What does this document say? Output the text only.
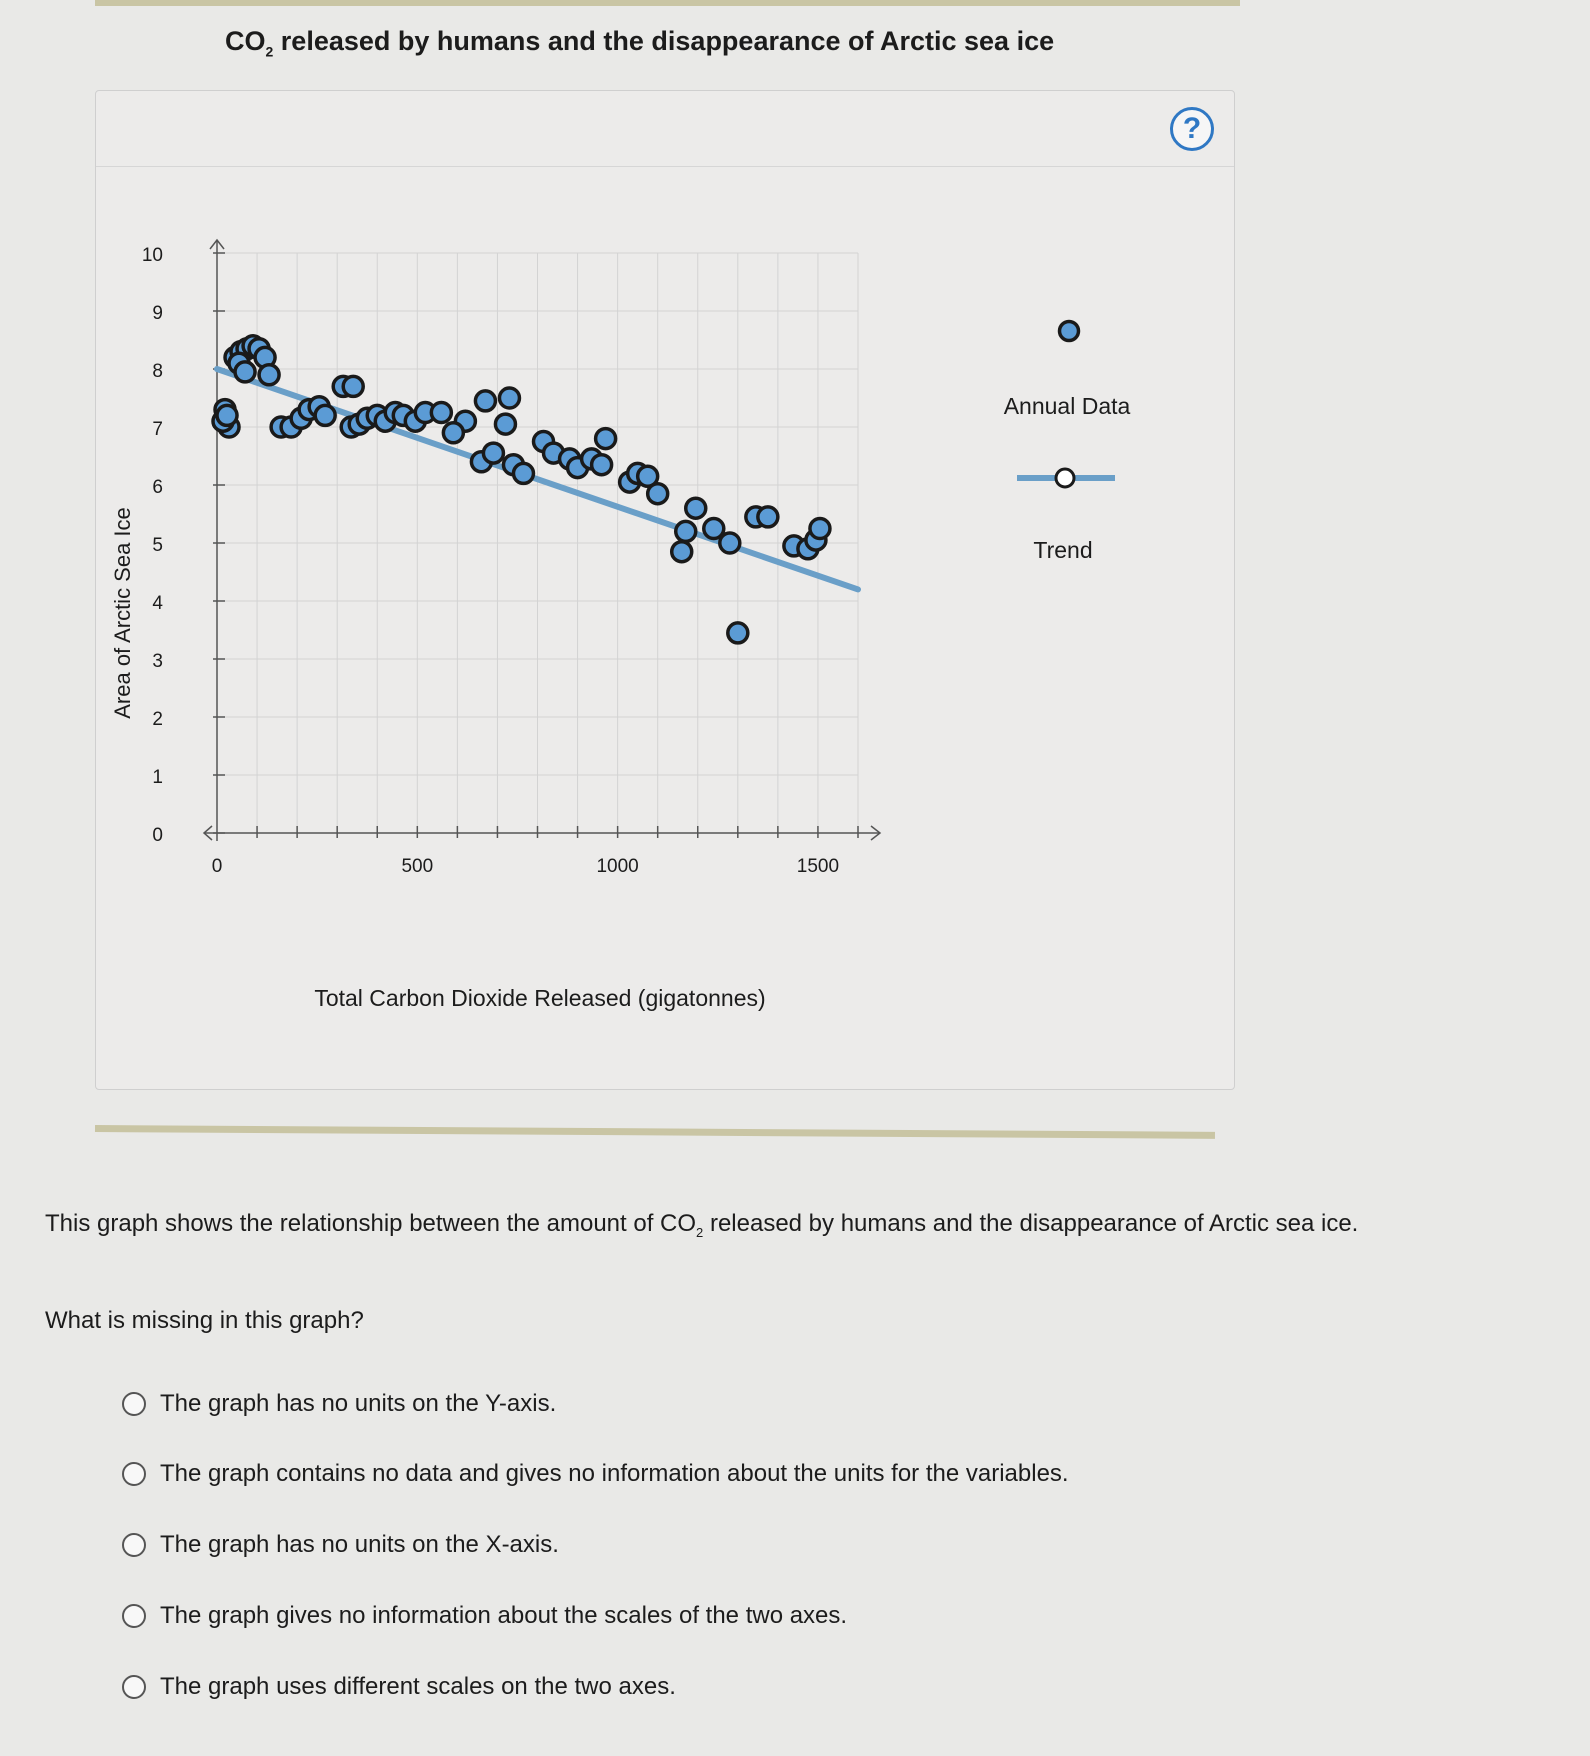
$CO_2$ released by humans and the disappearance of Arctic sea ice
?
0
1
2
3
4
5
6
7
8
9
10
0	500	1000	1500
Total Carbon Dioxide Released (gigatonnes)
Area of Arctic Sea Ice
Annual Data
Trend

This graph shows the relationship between the amount of $CO_2$ released by humans and the disappearance of Arctic sea ice.

What is missing in this graph?

The graph has no units on the Y-axis.
The graph contains no data and gives no information about the units for the variables.
The graph has no units on the X-axis.
The graph gives no information about the scales of the two axes.
The graph uses different scales on the two axes.
